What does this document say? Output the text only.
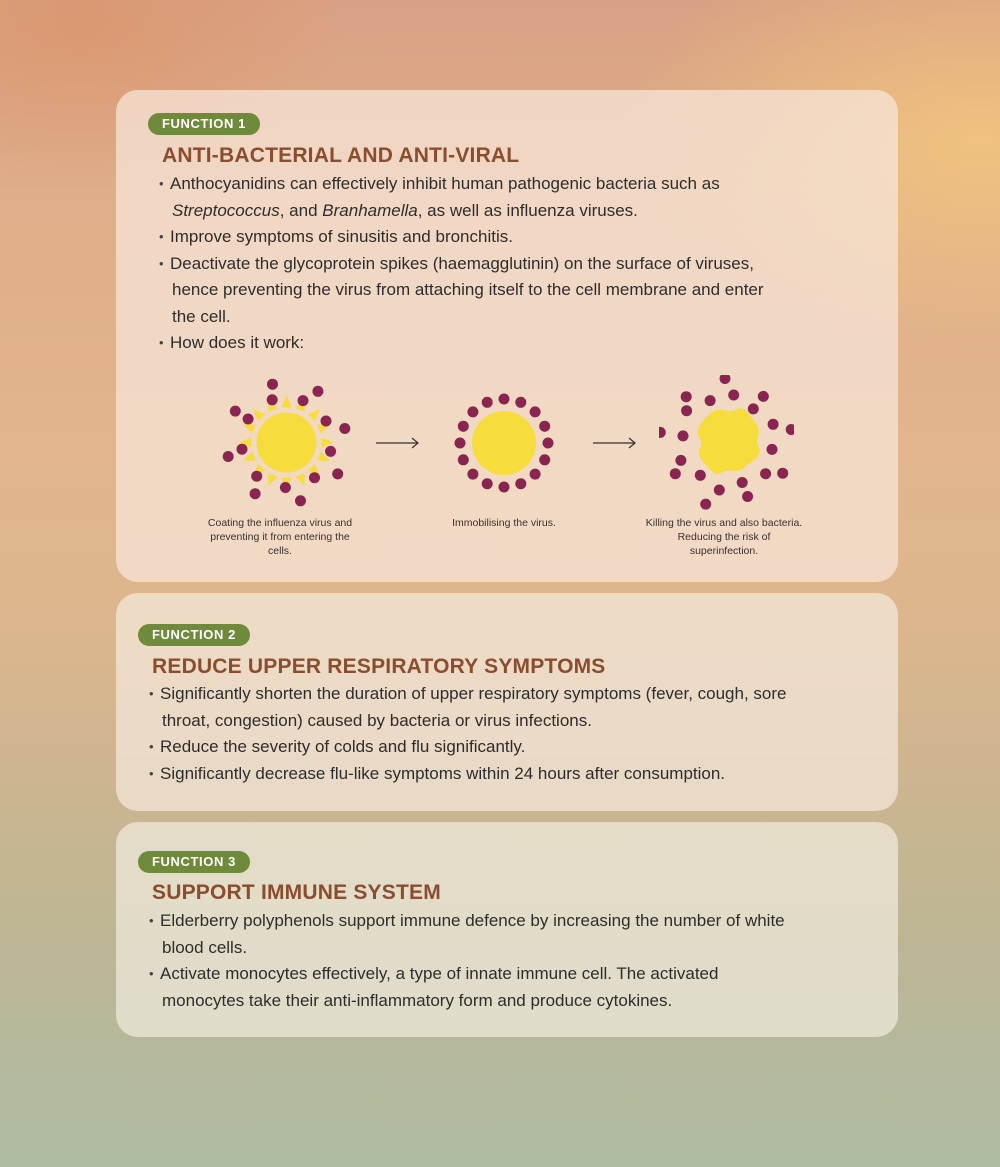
FUNCTION 1
ANTI-BACTERIAL AND ANTI-VIRAL
• Anthocyanidins can effectively inhibit human pathogenic bacteria such as
Streptococcus, and Branhamella, as well as influenza viruses.
• Improve symptoms of sinusitis and bronchitis.
• Deactivate the glycoprotein spikes (haemagglutinin) on the surface of viruses,
hence preventing the virus from attaching itself to the cell membrane and enter
the cell.
• How does it work:
Coating the influenza virus and preventing it from entering the cells.
Immobilising the virus.	Killing the virus and also bacteria. Reducing the risk of superinfection.
FUNCTION 2
REDUCE UPPER RESPIRATORY SYMPTOMS
• Significantly shorten the duration of upper respiratory symptoms (fever, cough, sore
throat, congestion) caused by bacteria or virus infections.
• Reduce the severity of colds and flu significantly.
• Significantly decrease flu-like symptoms within 24 hours after consumption.
FUNCTION 3
SUPPORT IMMUNE SYSTEM
• Elderberry polyphenols support immune defence by increasing the number of white
blood cells.
• Activate monocytes effectively, a type of innate immune cell. The activated
monocytes take their anti-inflammatory form and produce cytokines.
